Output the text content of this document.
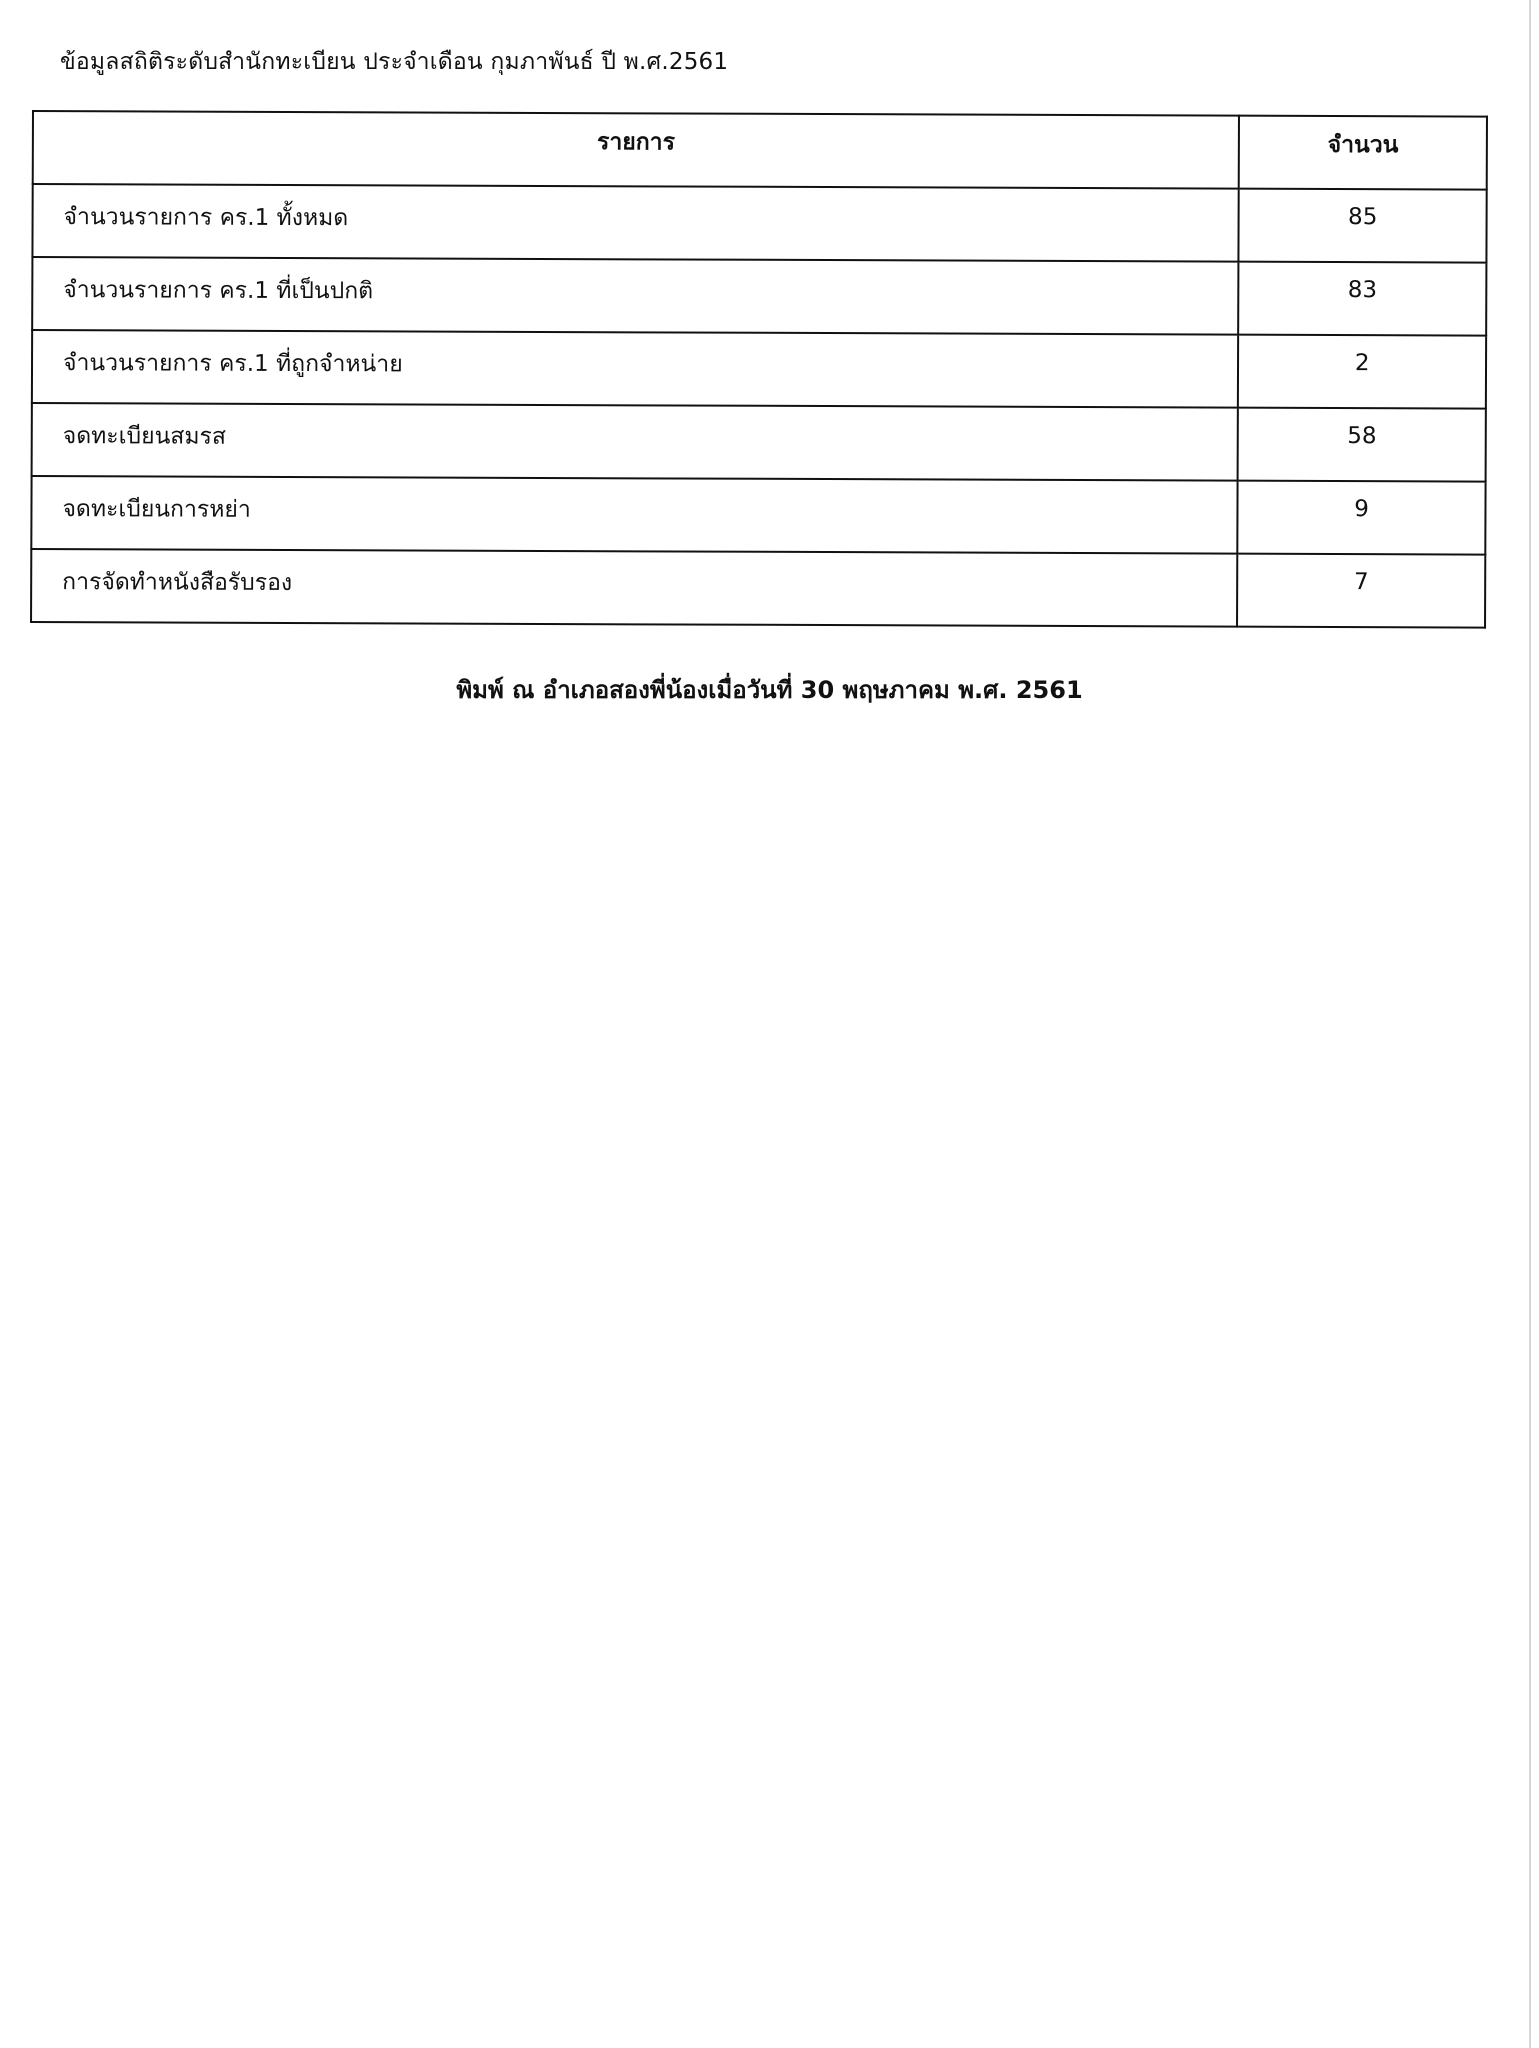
ข้อมูลสถิติระดับสำนักทะเบียน ประจำเดือน กุมภาพันธ์ ปี พ.ศ.2561
รายการ	จำนวน
จำนวนรายการ คร.1 ทั้งหมด	85
จำนวนรายการ คร.1 ที่เป็นปกติ	83
จำนวนรายการ คร.1 ที่ถูกจำหน่าย	2
จดทะเบียนสมรส	58
จดทะเบียนการหย่า	9
การจัดทำหนังสือรับรอง	7
พิมพ์ ณ อำเภอสองพี่น้องเมื่อวันที่ 30 พฤษภาคม พ.ศ. 2561
